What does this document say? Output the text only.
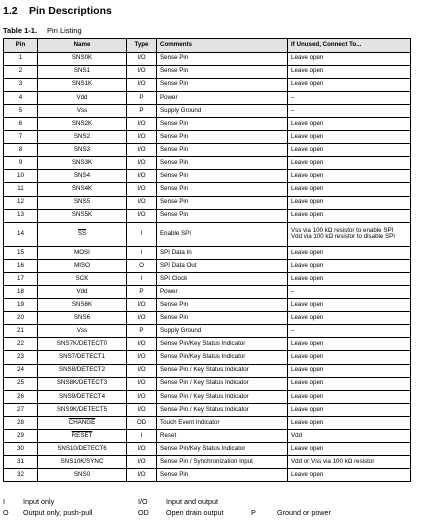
1.2 Pin Descriptions
Table 1-1. Pin Listing
Pin	Name	Type	Comments	If Unused, Connect To...
1	SNS0K	I/O	Sense Pin	Leave open

2	SNS1	I/O	Sense Pin	Leave open

3	SNS1K	I/O	Sense Pin	Leave open

4	Vdd	P	Power	–

5	Vss	P	Supply Ground	–

6	SNS2K	I/O	Sense Pin	Leave open

7	SNS2	I/O	Sense Pin	Leave open

8	SNS3	I/O	Sense Pin	Leave open

9	SNS3K	I/O	Sense Pin	Leave open

10	SNS4	I/O	Sense Pin	Leave open

11	SNS4K	I/O	Sense Pin	Leave open

12	SNS5	I/O	Sense Pin	Leave open

13	SNS5K	I/O	Sense Pin	Leave open

14	$\overline{SS}$	I	Enable SPI	Vss via 100 kΩ resistor to enable SPI
Vdd via 100 kΩ resistor to disable SPI

15	MOSI	I	SPI Data In	Leave open

16	MISO	O	SPI Data Out	Leave open

17	SCK	I	SPI Clock	Leave open

18	Vdd	P	Power	–

19	SNS6K	I/O	Sense Pin	Leave open

20	SNS6	I/O	Sense Pin	Leave open

21	Vss	P	Supply Ground	–

22	SNS7K/DETECT0	I/O	Sense Pin/Key Status Indicator	Leave open

23	SNS7/DETECT1	I/O	Sense Pin/Key Status Indicator	Leave open

24	SNS8/DETECT2	I/O	Sense Pin / Key Status Indicator	Leave open

25	SNS8K/DETECT3	I/O	Sense Pin / Key Status Indicator	Leave open

26	SNS9/DETECT4	I/O	Sense Pin / Key Status Indicator	Leave open

27	SNS9K/DETECT5	I/O	Sense Pin / Key Status Indicator	Leave open

28	CHANGE	OD	Touch Event Indicator	Leave open

29	RESET	I	Reset	Vdd

30	SNS10/DETECT6	I/O	Sense Pin/Key Status Indicator	Leave open

31	SNS10K/SYNC	I/O	Sense Pin / Synchronization Input	Vdd or Vss via 100 kΩ resistor

32	SNS0	I/O	Sense Pin	Leave open
I	Input only	I/O	Input and output
O Output only, push-pull	OD Open drain output	P	Ground or power
